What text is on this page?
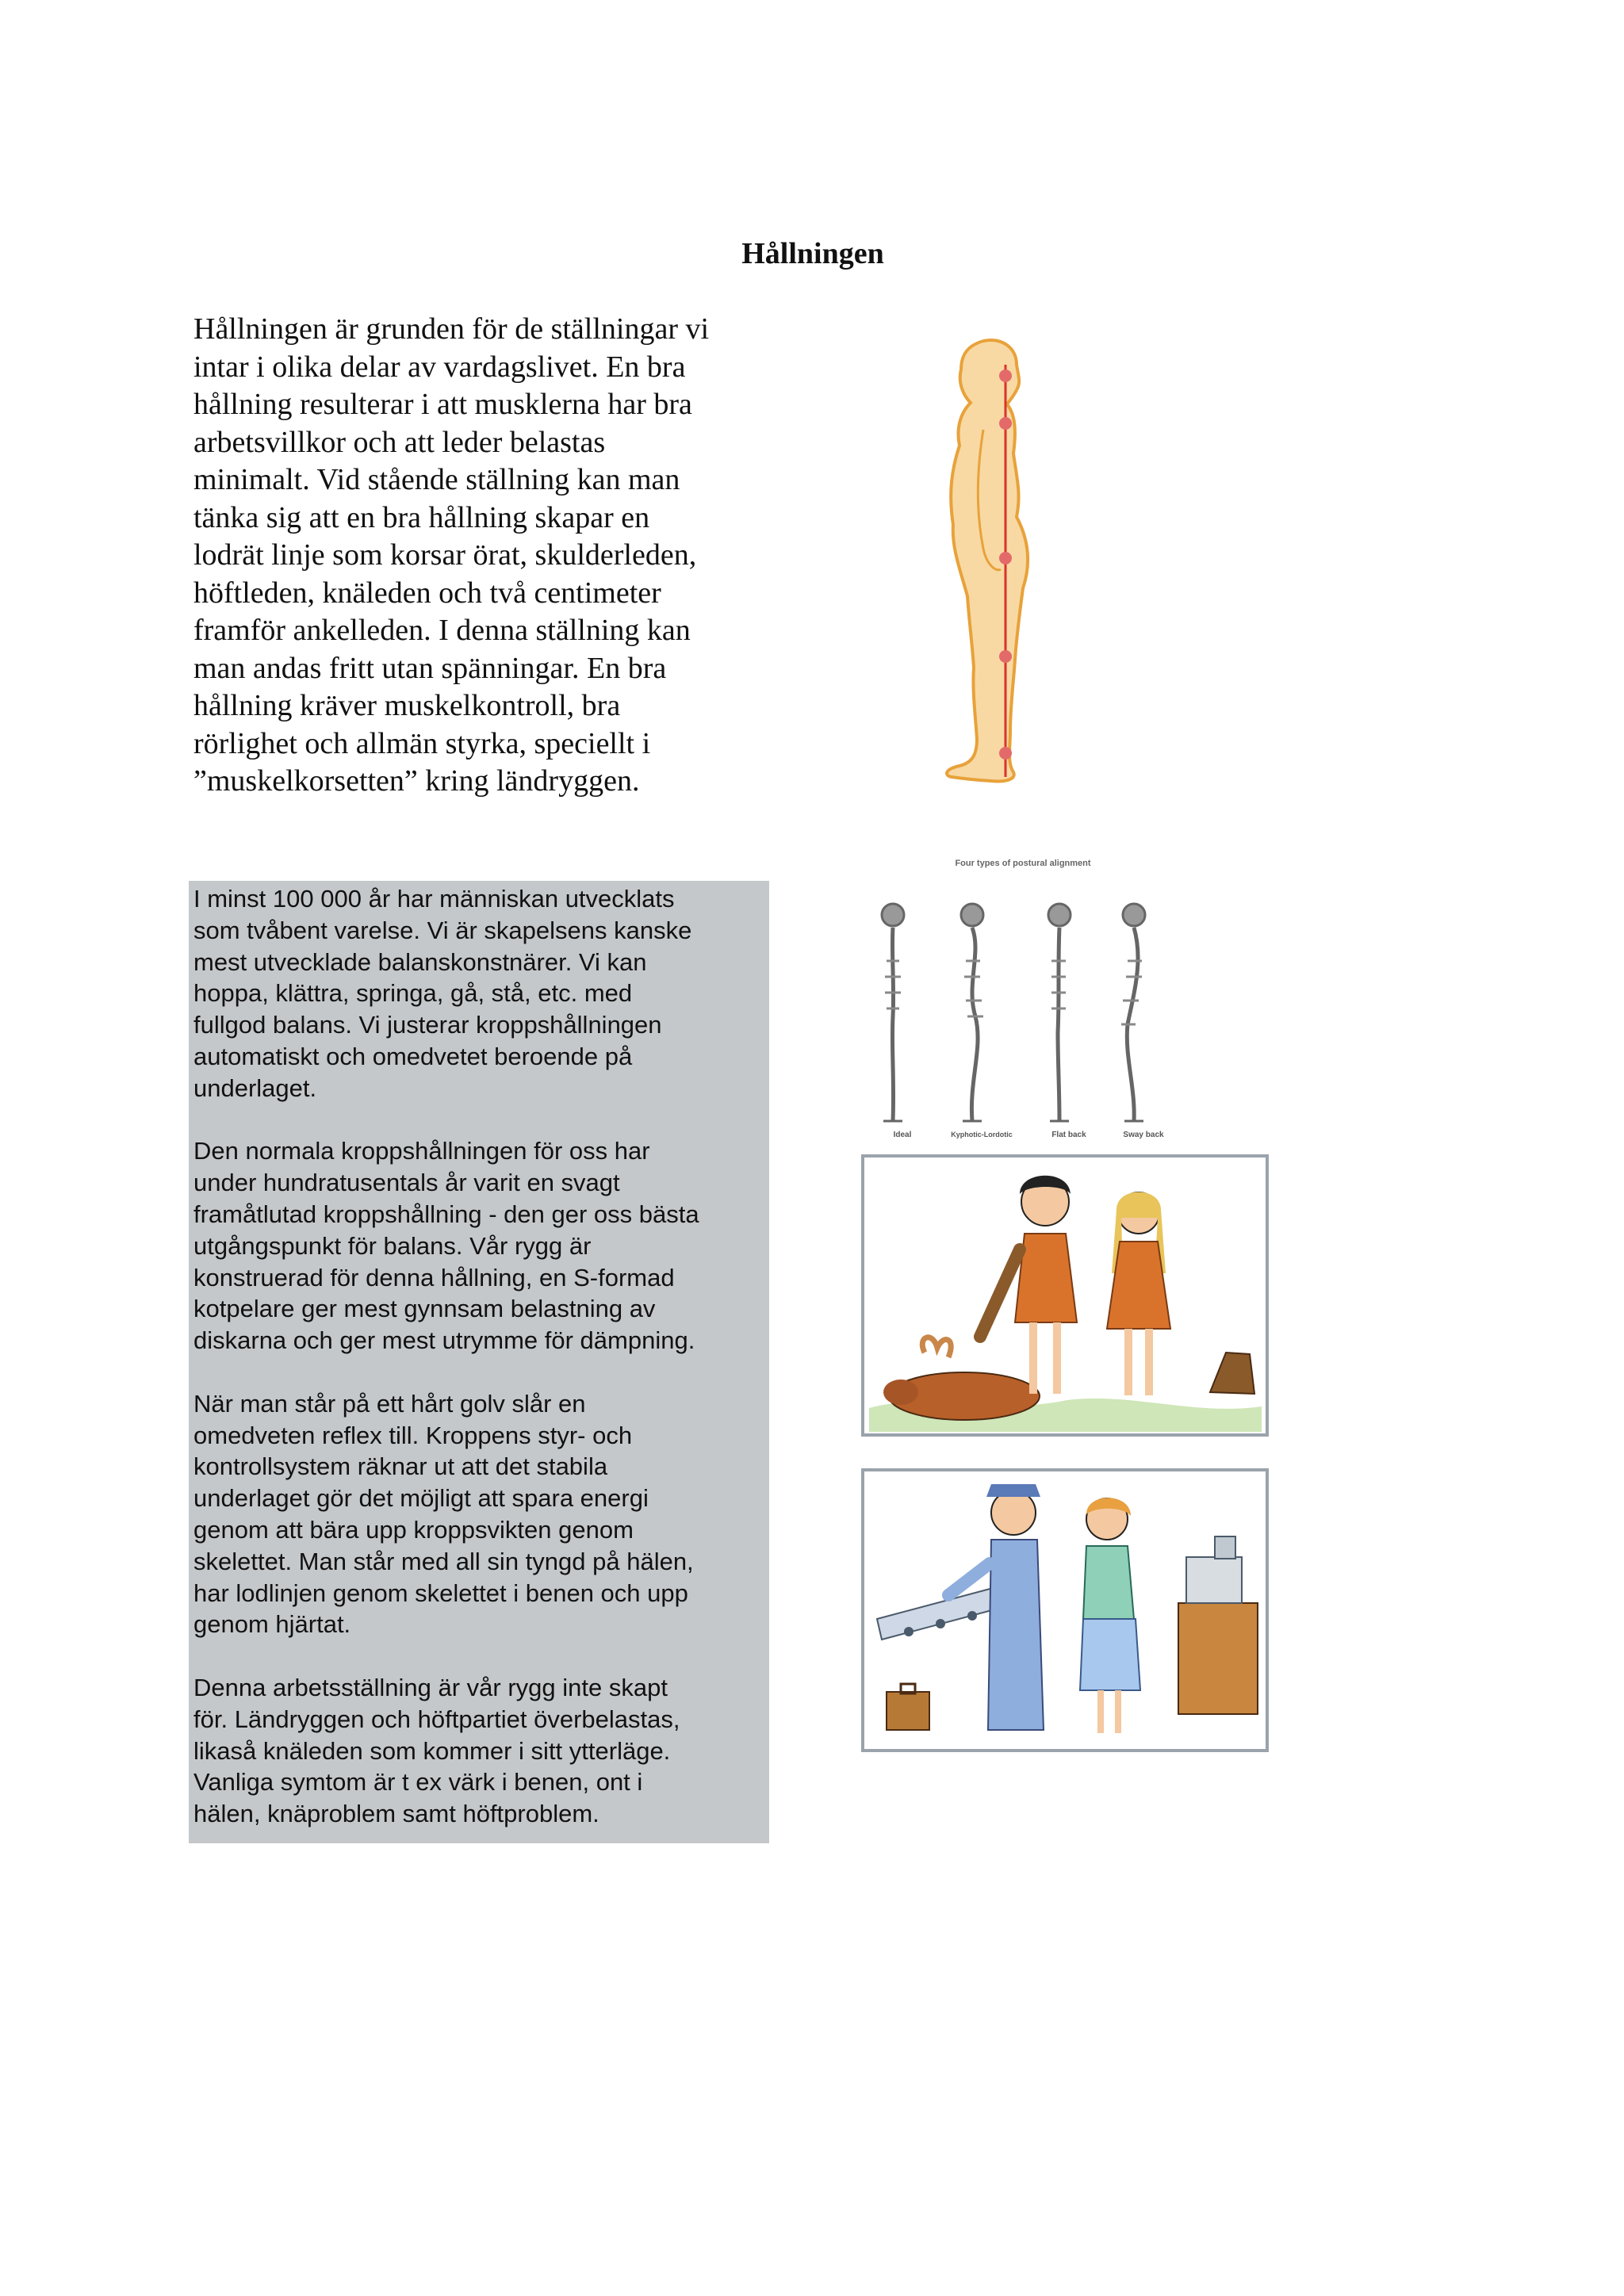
Hållningen
Hållningen är grunden för de ställningar vi
intar i olika delar av vardagslivet. En bra
hållning resulterar i att musklerna har bra
arbetsvillkor och att leder belastas
minimalt. Vid stående ställning kan man
tänka sig att en bra hållning skapar en
lodrät linje som korsar örat, skulderleden,
höftleden, knäleden och två centimeter
framför ankelleden. I denna ställning kan
man andas fritt utan spänningar. En bra
hållning kräver muskelkontroll, bra
rörlighet och allmän styrka, speciellt i
”muskelkorsetten” kring ländryggen.
I minst 100 000 år har människan utvecklats
som tvåbent varelse. Vi är skapelsens kanske
mest utvecklade balanskonstnärer. Vi kan
hoppa, klättra, springa, gå, stå, etc. med
fullgod balans. Vi justerar kroppshållningen
automatiskt och omedvetet beroende på
underlaget.
Den normala kroppshållningen för oss har
under hundratusentals år varit en svagt
framåtlutad kroppshållning - den ger oss bästa
utgångspunkt för balans. Vår rygg är
konstruerad för denna hållning, en S-formad
kotpelare ger mest gynnsam belastning av
diskarna och ger mest utrymme för dämpning.
När man står på ett hårt golv slår en
omedveten reflex till. Kroppens styr- och
kontrollsystem räknar ut att det stabila
underlaget gör det möjligt att spara energi
genom att bära upp kroppsvikten genom
skelettet. Man står med all sin tyngd på hälen,
har lodlinjen genom skelettet i benen och upp
genom hjärtat.
Denna arbetsställning är vår rygg inte skapt
för. Ländryggen och höftpartiet överbelastas,
likaså knäleden som kommer i sitt ytterläge.
Vanliga symtom är t ex värk i benen, ont i
hälen, knäproblem samt höftproblem.
Four types of postural alignment
Ideal	Kyphotic-Lordotic	Flat back	Sway back
